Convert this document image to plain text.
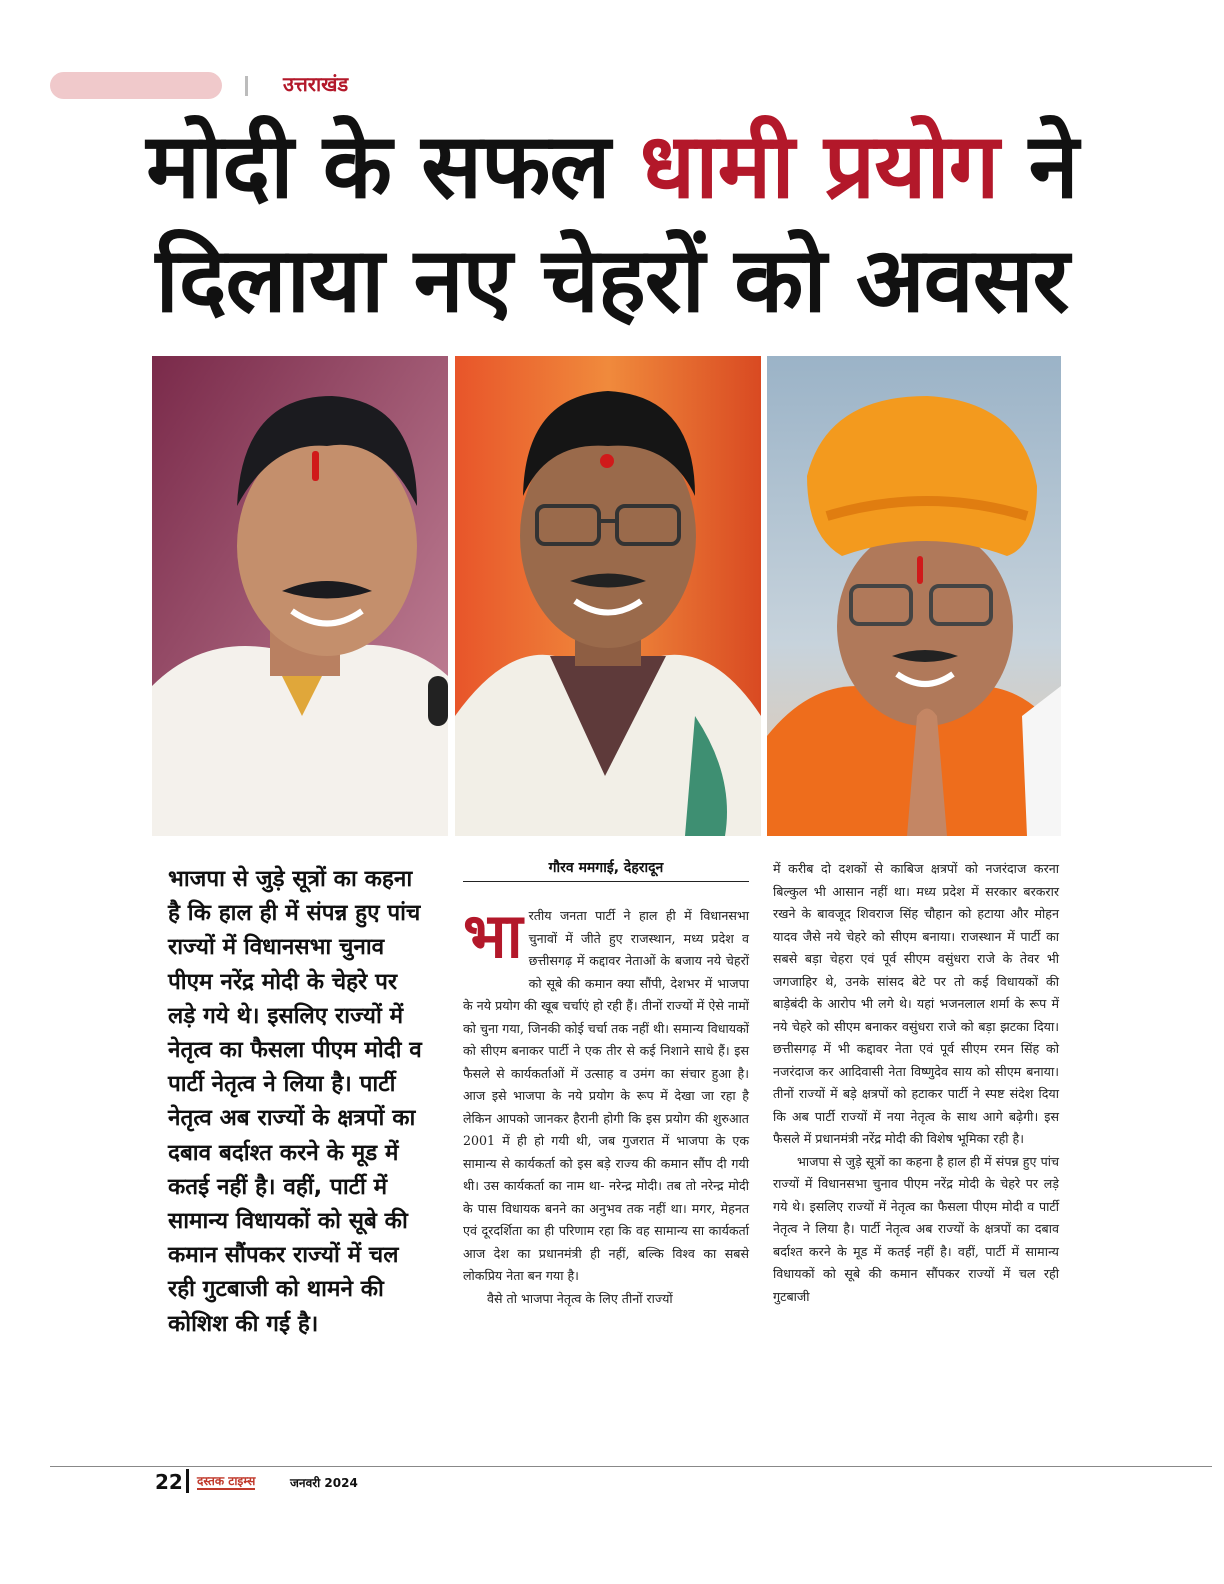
उत्तराखंड
मोदी के सफल धामी प्रयोग ने
दिलाया नए चेहरों को अवसर
भाजपा से जुड़े सूत्रों का कहना है कि हाल ही में संपन्न हुए पांच राज्यों में विधानसभा चुनाव पीएम नरेंद्र मोदी के चेहरे पर लड़े गये थे। इसलिए राज्यों में नेतृत्व का फैसला पीएम मोदी व पार्टी नेतृत्व ने लिया है। पार्टी नेतृत्व अब राज्यों के क्षत्रपों का दबाव बर्दाश्त करने के मूड में कतई नहीं है। वहीं, पार्टी में सामान्य विधायकों को सूबे की कमान सौंपकर राज्यों में चल रही गुटबाजी को थामने की कोशिश की गई है।
गौरव ममगाई, देहरादून
भा रतीय जनता पार्टी ने हाल ही में विधानसभा चुनावों में जीते हुए राजस्थान, मध्य प्रदेश व छत्तीसगढ़ में कद्दावर नेताओं के बजाय नये चेहरों को सूबे की कमान क्या सौंपी, देशभर में भाजपा के नये प्रयोग की खूब चर्चाएं हो रही हैं। तीनों राज्यों में ऐसे नामों को चुना गया, जिनकी कोई चर्चा तक नहीं थी। समान्य विधायकों को सीएम बनाकर पार्टी ने एक तीर से कई निशाने साधे हैं। इस फैसले से कार्यकर्ताओं में उत्साह व उमंग का संचार हुआ है। आज इसे भाजपा के नये प्रयोग के रूप में देखा जा रहा है लेकिन आपको जानकर हैरानी होगी कि इस प्रयोग की शुरुआत 2001 में ही हो गयी थी, जब गुजरात में भाजपा के एक सामान्य से कार्यकर्ता को इस बड़े राज्य की कमान सौंप दी गयी थी। उस कार्यकर्ता का नाम था- नरेन्द्र मोदी। तब तो नरेन्द्र मोदी के पास विधायक बनने का अनुभव तक नहीं था। मगर, मेहनत एवं दूरदर्शिता का ही परिणाम रहा कि वह सामान्य सा कार्यकर्ता आज देश का प्रधानमंत्री ही नहीं, बल्कि विश्व का सबसे लोकप्रिय नेता बन गया है।

वैसे तो भाजपा नेतृत्व के लिए तीनों राज्यों

में करीब दो दशकों से काबिज क्षत्रपों को नजरंदाज करना बिल्कुल भी आसान नहीं था। मध्य प्रदेश में सरकार बरकरार रखने के बावजूद शिवराज सिंह चौहान को हटाया और मोहन यादव जैसे नये चेहरे को सीएम बनाया। राजस्थान में पार्टी का सबसे बड़ा चेहरा एवं पूर्व सीएम वसुंधरा राजे के तेवर भी जगजाहिर थे, उनके सांसद बेटे पर तो कई विधायकों की बाड़ेबंदी के आरोप भी लगे थे। यहां भजनलाल शर्मा के रूप में नये चेहरे को सीएम बनाकर वसुंधरा राजे को बड़ा झटका दिया। छत्तीसगढ़ में भी कद्दावर नेता एवं पूर्व सीएम रमन सिंह को नजरंदाज कर आदिवासी नेता विष्णुदेव साय को सीएम बनाया। तीनों राज्यों में बड़े क्षत्रपों को हटाकर पार्टी ने स्पष्ट संदेश दिया कि अब पार्टी राज्यों में नया नेतृत्व के साथ आगे बढ़ेगी। इस फैसले में प्रधानमंत्री नरेंद्र मोदी की विशेष भूमिका रही है।

भाजपा से जुड़े सूत्रों का कहना है हाल ही में संपन्न हुए पांच राज्यों में विधानसभा चुनाव पीएम नरेंद्र मोदी के चेहरे पर लड़े गये थे। इसलिए राज्यों में नेतृत्व का फैसला पीएम मोदी व पार्टी नेतृत्व ने लिया है। पार्टी नेतृत्व अब राज्यों के क्षत्रपों का दबाव बर्दाश्त करने के मूड में कतई नहीं है। वहीं, पार्टी में सामान्य विधायकों को सूबे की कमान सौंपकर राज्यों में चल रही गुटबाजी

22 दस्तक टाइम्स	जनवरी 2024
